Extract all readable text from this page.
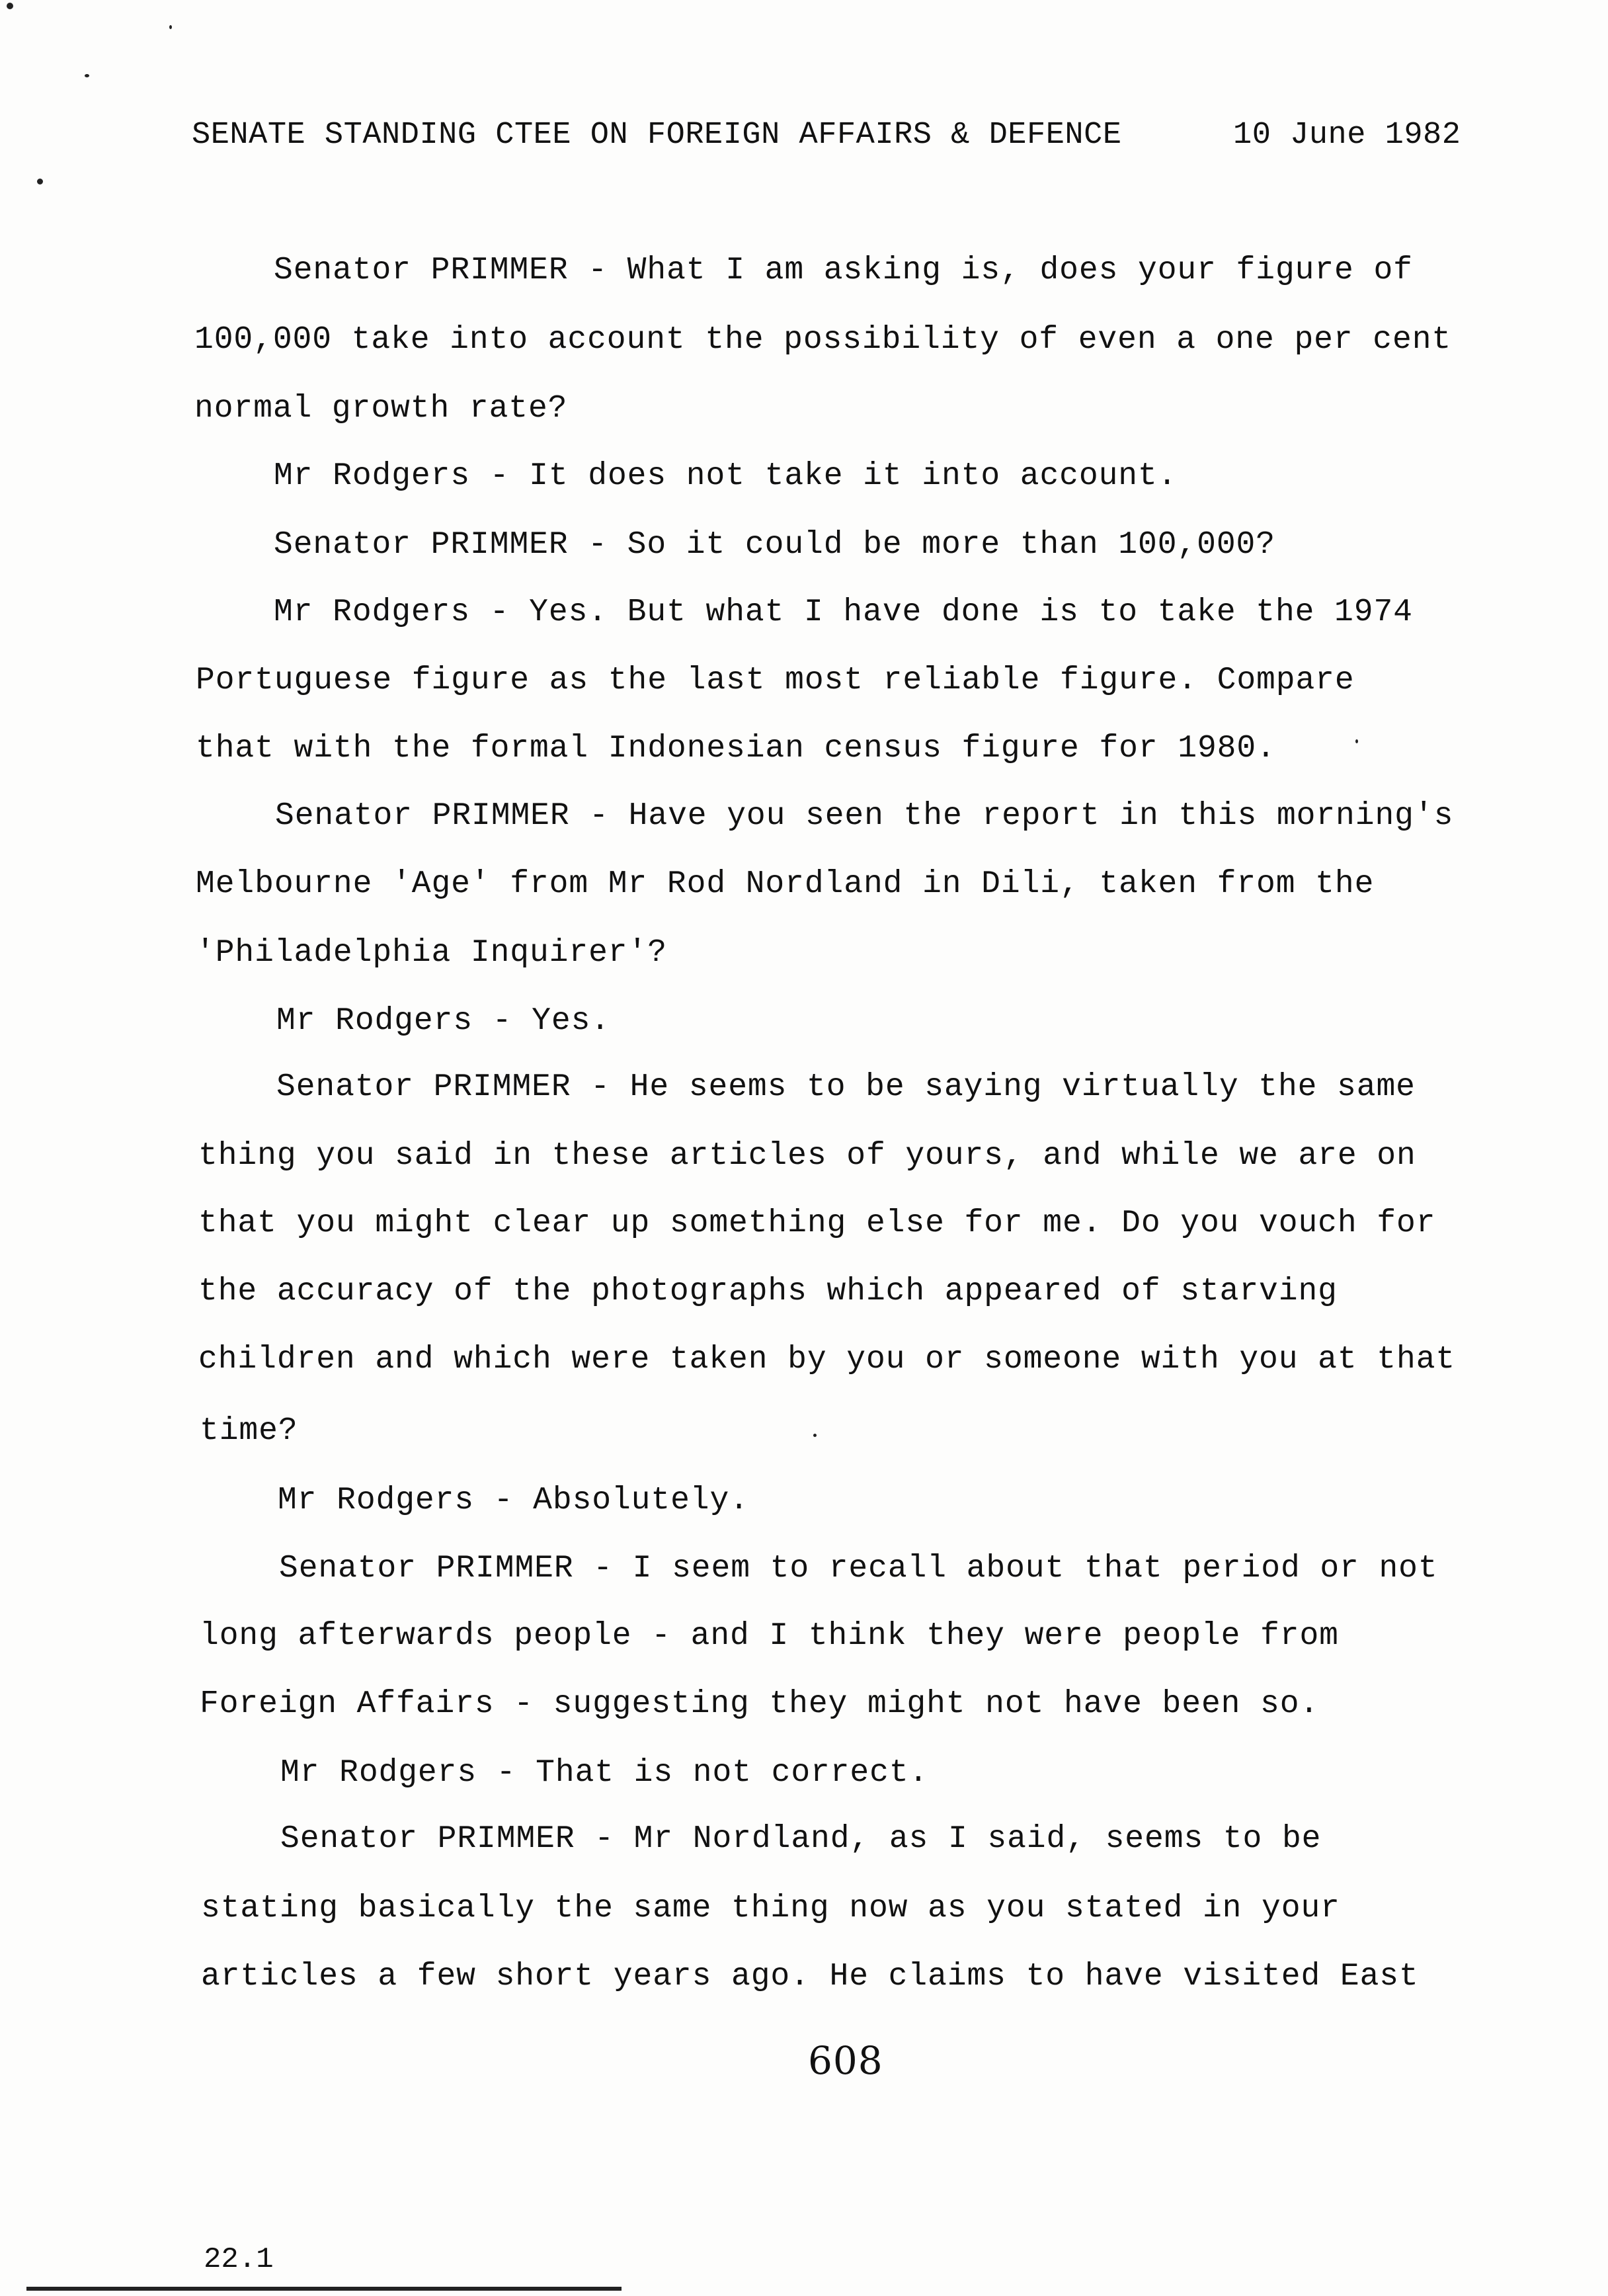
SENATE STANDING CTEE ON FOREIGN AFFAIRS & DEFENCE	10 June 1982
Senator PRIMMER - What I am asking is, does your figure of
100,000 take into account the possibility of even a one per cent
normal growth rate?
Mr Rodgers - It does not take it into account.
Senator PRIMMER - So it could be more than 100,000?
Mr Rodgers - Yes. But what I have done is to take the 1974
Portuguese figure as the last most reliable figure. Compare
that with the formal Indonesian census figure for 1980.
Senator PRIMMER - Have you seen the report in this morning's
Melbourne 'Age' from Mr Rod Nordland in Dili, taken from the
'Philadelphia Inquirer'?
Mr Rodgers - Yes.
Senator PRIMMER - He seems to be saying virtually the same
thing you said in these articles of yours, and while we are on
that you might clear up something else for me. Do you vouch for
the accuracy of the photographs which appeared of starving
children and which were taken by you or someone with you at that
time?
Mr Rodgers - Absolutely.
Senator PRIMMER - I seem to recall about that period or not
long afterwards people - and I think they were people from
Foreign Affairs - suggesting they might not have been so.
Mr Rodgers - That is not correct.
Senator PRIMMER - Mr Nordland, as I said, seems to be
stating basically the same thing now as you stated in your
articles a few short years ago. He claims to have visited East
608
22.1
